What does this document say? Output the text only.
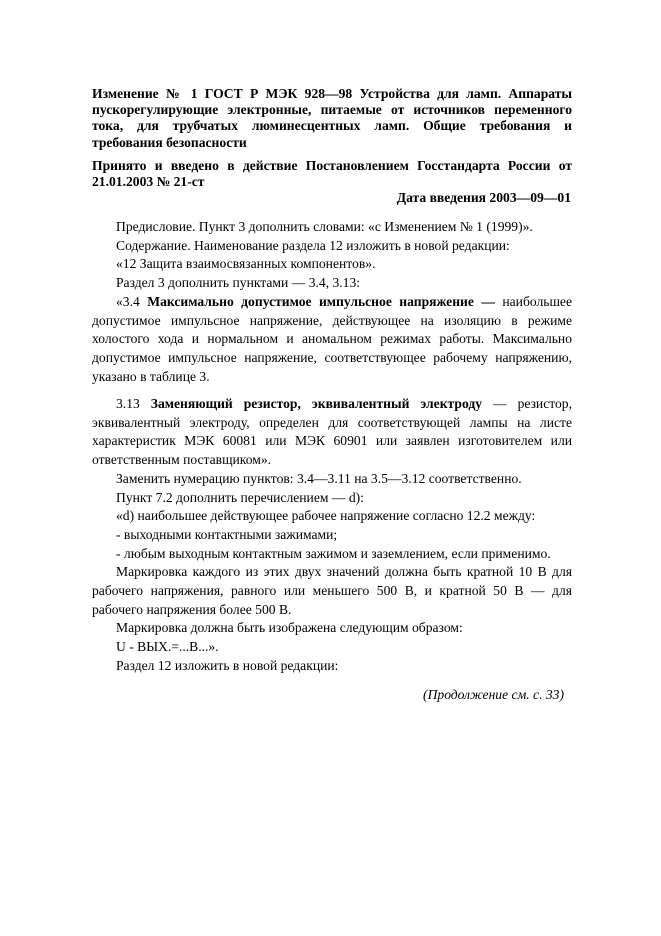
Изменение № 1 ГОСТ Р МЭК 928—98 Устройства для ламп. Аппараты пускорегулирующие электронные, питаемые от источников переменного тока, для трубчатых люминесцентных ламп. Общие требования и требования безопасности

Принято и введено в действие Постановлением Госстандарта России от 21.01.2003 № 21-ст

Дата введения 2003—09—01

Предисловие. Пункт 3 дополнить словами: «с Изменением № 1 (1999)».

Содержание. Наименование раздела 12 изложить в новой редакции:

«12 Защита взаимосвязанных компонентов».

Раздел 3 дополнить пунктами — 3.4, 3.13:

«3.4 Максимально допустимое импульсное напряжение — наибольшее допустимое импульсное напряжение, действующее на изоляцию в режиме холостого хода и нормальном и аномальном режимах работы. Максимально допустимое импульсное напряжение, соответствующее рабочему напряжению, указано в таблице 3.

3.13 Заменяющий резистор, эквивалентный электроду — резистор, эквивалентный электроду, определен для соответствующей лампы на листе характеристик МЭК 60081 или МЭК 60901 или заявлен изготовителем или ответственным поставщиком».

Заменить нумерацию пунктов: 3.4—3.11 на 3.5—3.12 соответственно.

Пункт 7.2 дополнить перечислением — d):

«d) наибольшее действующее рабочее напряжение согласно 12.2 между:

- выходными контактными зажимами;

- любым выходным контактным зажимом и заземлением, если применимо.

Маркировка каждого из этих двух значений должна быть кратной 10 В для рабочего напряжения, равного или меньшего 500 В, и кратной 50 В — для рабочего напряжения более 500 В.

Маркировка должна быть изображена следующим образом:

U - ВЫХ.=...В...».

Раздел 12 изложить в новой редакции:

(Продолжение см. с. 33)
